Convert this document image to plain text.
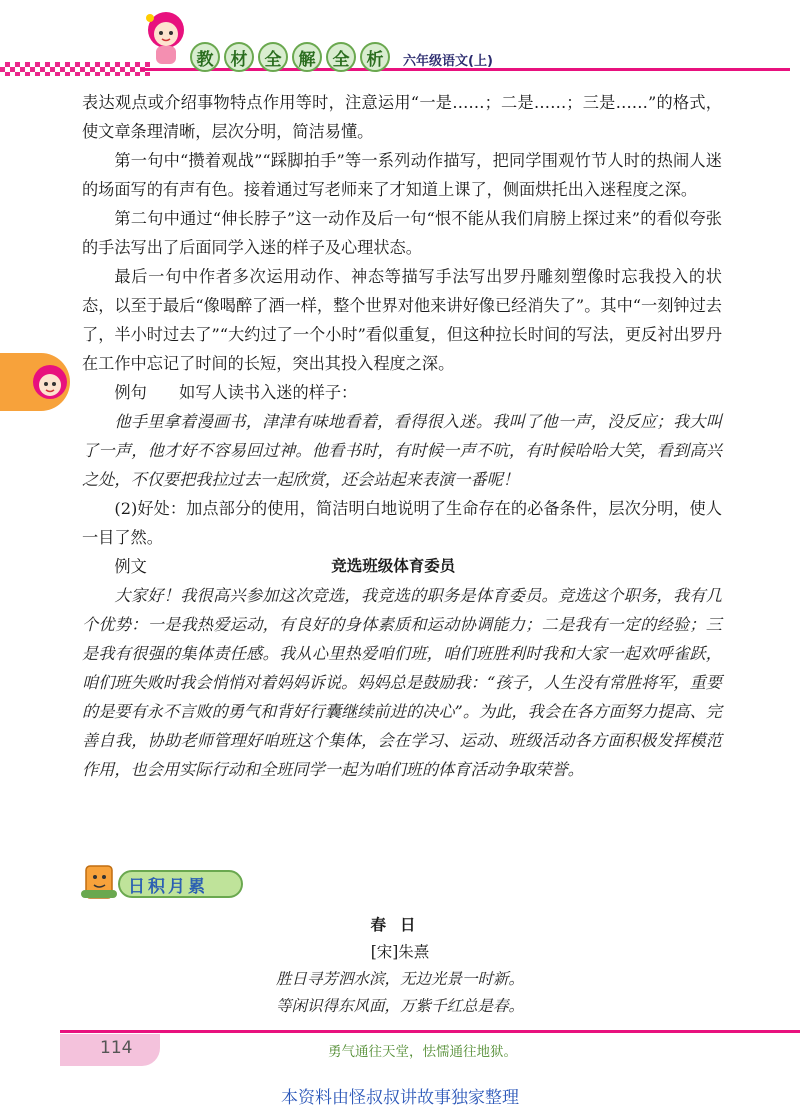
教	材	全	解	全	析	六年级语文(上)

表达观点或介绍事物特点作用等时，注意运用“一是……；二是……；三是……”的格式，使文章条理清晰，层次分明，简洁易懂。

第一句中“攒着观战”“踩脚拍手”等一系列动作描写，把同学围观竹节人时的热闹人迷的场面写的有声有色。接着通过写老师来了才知道上课了，侧面烘托出入迷程度之深。

第二句中通过“伸长脖子”这一动作及后一句“恨不能从我们肩膀上探过来”的看似夸张的手法写出了后面同学入迷的样子及心理状态。

最后一句中作者多次运用动作、神态等描写手法写出罗丹雕刻塑像时忘我投入的状态，以至于最后“像喝醉了酒一样，整个世界对他来讲好像已经消失了”。其中“一刻钟过去了，半小时过去了”“大约过了一个小时”看似重复，但这种拉长时间的写法，更反衬出罗丹在工作中忘记了时间的长短，突出其投入程度之深。

例句　　 如写人读书入迷的样子：

他手里拿着漫画书，津津有味地看着，看得很入迷。我叫了他一声，没反应；我大叫了一声，他才好不容易回过神。他看书时，有时候一声不吭，有时候哈哈大笑，看到高兴之处，不仅要把我拉过去一起欣赏，还会站起来表演一番呢！

(2)好处：加点部分的使用，简洁明白地说明了生命存在的必备条件，层次分明，使人一目了然。

例文	竞选班级体育委员

大家好！我很高兴参加这次竞选，我竞选的职务是体育委员。竞选这个职务，我有几个优势：一是我热爱运动，有良好的身体素质和运动协调能力；二是我有一定的经验；三是我有很强的集体责任感。我从心里热爱咱们班，咱们班胜利时我和大家一起欢呼雀跃，咱们班失败时我会悄悄对着妈妈诉说。妈妈总是鼓励我：“孩子，人生没有常胜将军，重要的是要有永不言败的勇气和背好行囊继续前进的决心”。为此，我会在各方面努力提高、完善自我，协助老师管理好咱班这个集体，会在学习、运动、班级活动各方面积极发挥模范作用，也会用实际行动和全班同学一起为咱们班的体育活动争取荣誉。

日积月累
春日
[宋]朱熹
胜日寻芳泗水滨，无边光景一时新。
等闲识得东风面，万紫千红总是春。
114	勇气通往天堂，怯懦通往地狱。
本资料由怪叔叔讲故事独家整理
